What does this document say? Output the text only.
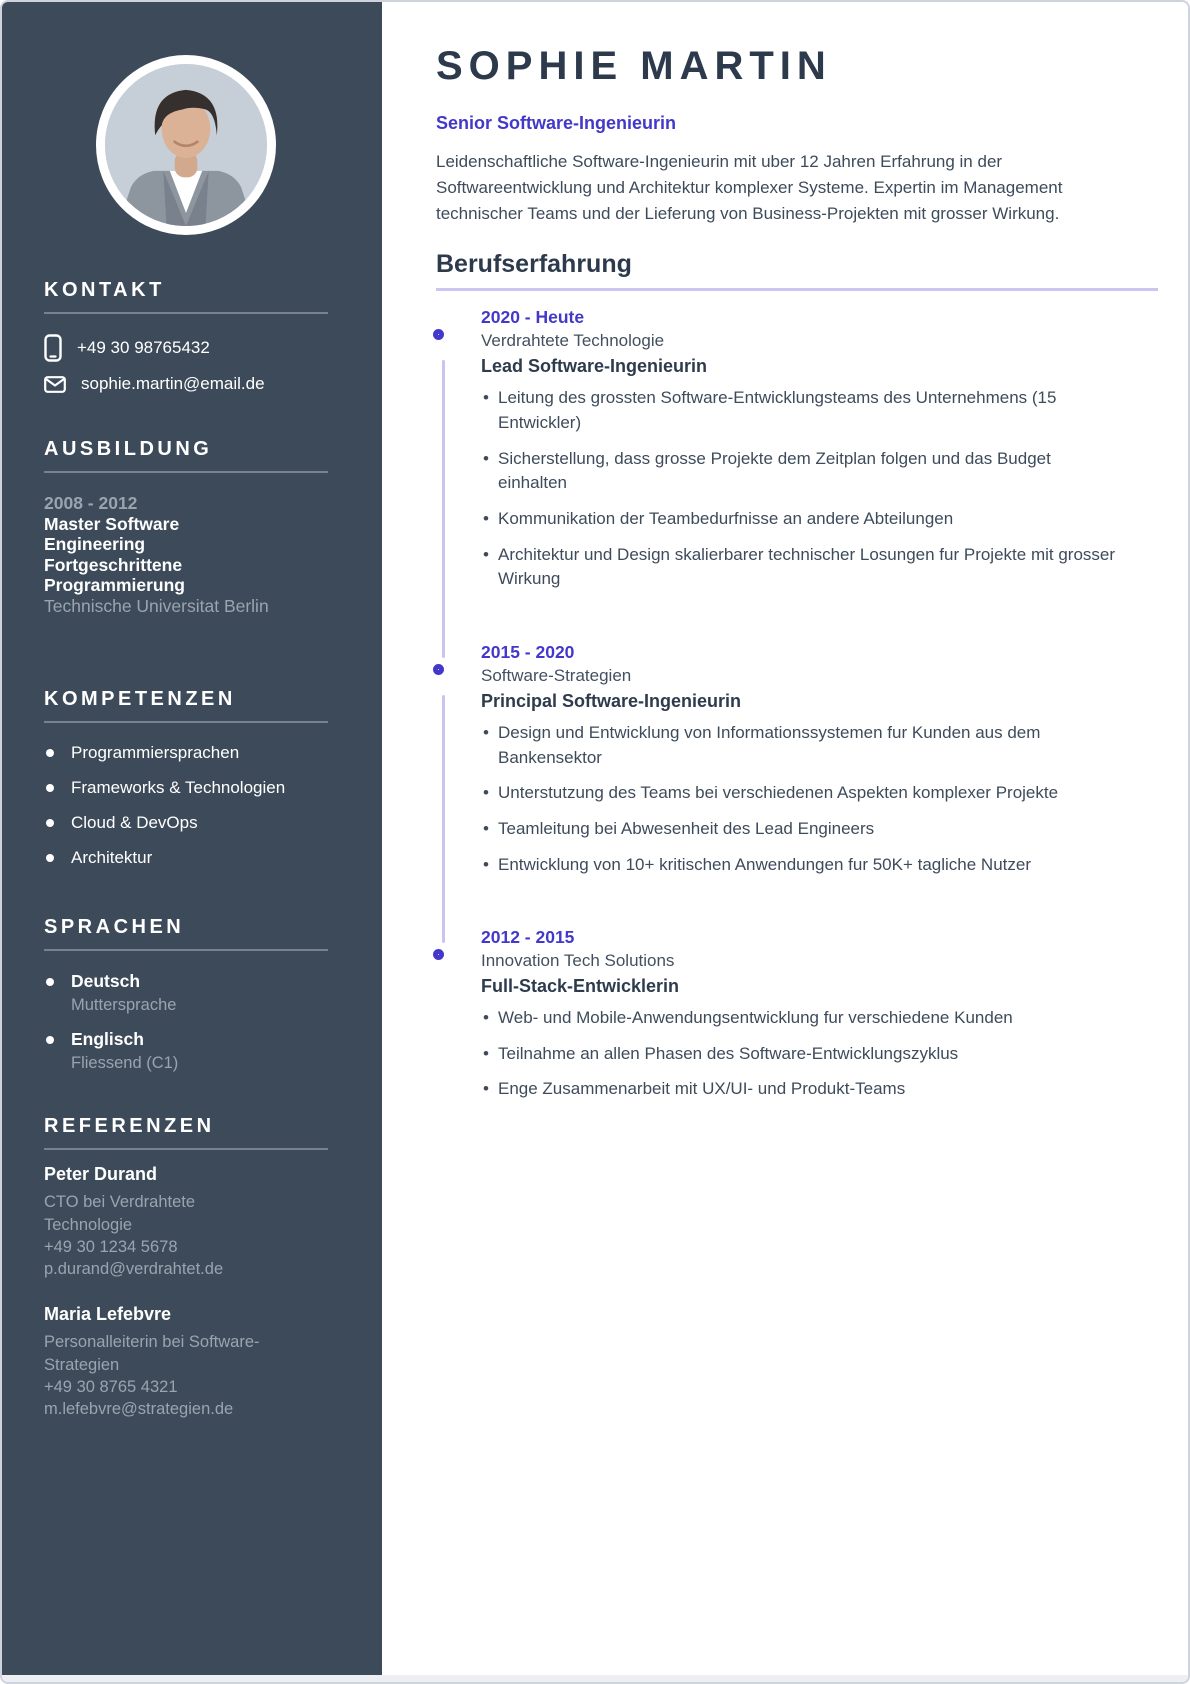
KONTAKT
+49 30 98765432
sophie.martin@email.de
AUSBILDUNG
2008 - 2012
Master Software Engineering Fortgeschrittene Programmierung
Technische Universitat Berlin
KOMPETENZEN
Programmiersprachen
Frameworks & Technologien
Cloud & DevOps
Architektur
SPRACHEN
Deutsch
Muttersprache
Englisch
Fliessend (C1)
REFERENZEN
Peter Durand
CTO bei Verdrahtete Technologie
+49 30 1234 5678
p.durand@verdrahtet.de
Maria Lefebvre
Personalleiterin bei Software-Strategien
+49 30 8765 4321
m.lefebvre@strategien.de
SOPHIE MARTIN
Senior Software-Ingenieurin

Leidenschaftliche Software-Ingenieurin mit uber 12 Jahren Erfahrung in der Softwareentwicklung und Architektur komplexer Systeme. Expertin im Management technischer Teams und der Lieferung von Business-Projekten mit grosser Wirkung.

Berufserfahrung
2020 - Heute
Verdrahtete Technologie
Lead Software-Ingenieurin
• Leitung des grossten Software-Entwicklungsteams des Unternehmens (15 Entwickler)
• Sicherstellung, dass grosse Projekte dem Zeitplan folgen und das Budget einhalten
• Kommunikation der Teambedurfnisse an andere Abteilungen
• Architektur und Design skalierbarer technischer Losungen fur Projekte mit grosser Wirkung
2015 - 2020
Software-Strategien
Principal Software-Ingenieurin
• Design und Entwicklung von Informationssystemen fur Kunden aus dem Bankensektor
• Unterstutzung des Teams bei verschiedenen Aspekten komplexer Projekte
• Teamleitung bei Abwesenheit des Lead Engineers
• Entwicklung von 10+ kritischen Anwendungen fur 50K+ tagliche Nutzer
2012 - 2015
Innovation Tech Solutions
Full-Stack-Entwicklerin
• Web- und Mobile-Anwendungsentwicklung fur verschiedene Kunden
• Teilnahme an allen Phasen des Software-Entwicklungszyklus
• Enge Zusammenarbeit mit UX/UI- und Produkt-Teams
